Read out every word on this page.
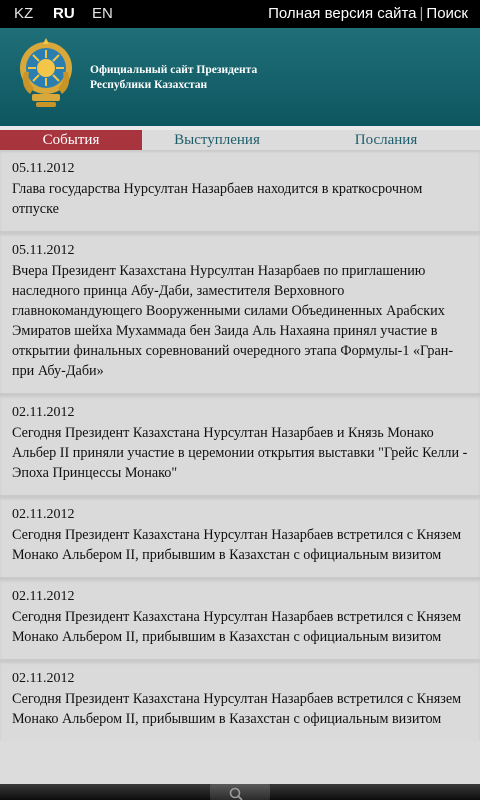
KZ RU EN	Полная версия сайта | Поиск
Официальный сайт Президента
Республики Казахстан
События	Выступления	Послания
05.11.2012
Глава государства Нурсултан Назарбаев находится в краткосрочном отпуске
05.11.2012
Вчера Президент Казахстана Нурсултан Назарбаев по приглашению наследного принца Абу-Даби, заместителя Верховного главнокомандующего Вооруженными силами Объединенных Арабских Эмиратов шейха Мухаммада бен Заида Аль Нахаяна принял участие в открытии финальных соревнований очередного этапа Формулы-1 «Гран-при Абу-Даби»
02.11.2012
Сегодня Президент Казахстана Нурсултан Назарбаев и Князь Монако Альбер II приняли участие в церемонии открытия выставки "Грейс Келли - Эпоха Принцессы Монако"
02.11.2012
Сегодня Президент Казахстана Нурсултан Назарбаев встретился с Князем Монако Альбером II, прибывшим в Казахстан с официальным визитом
02.11.2012
Сегодня Президент Казахстана Нурсултан Назарбаев встретился с Князем Монако Альбером II, прибывшим в Казахстан с официальным визитом
02.11.2012
Сегодня Президент Казахстана Нурсултан Назарбаев встретился с Князем Монако Альбером II, прибывшим в Казахстан с официальным визитом
